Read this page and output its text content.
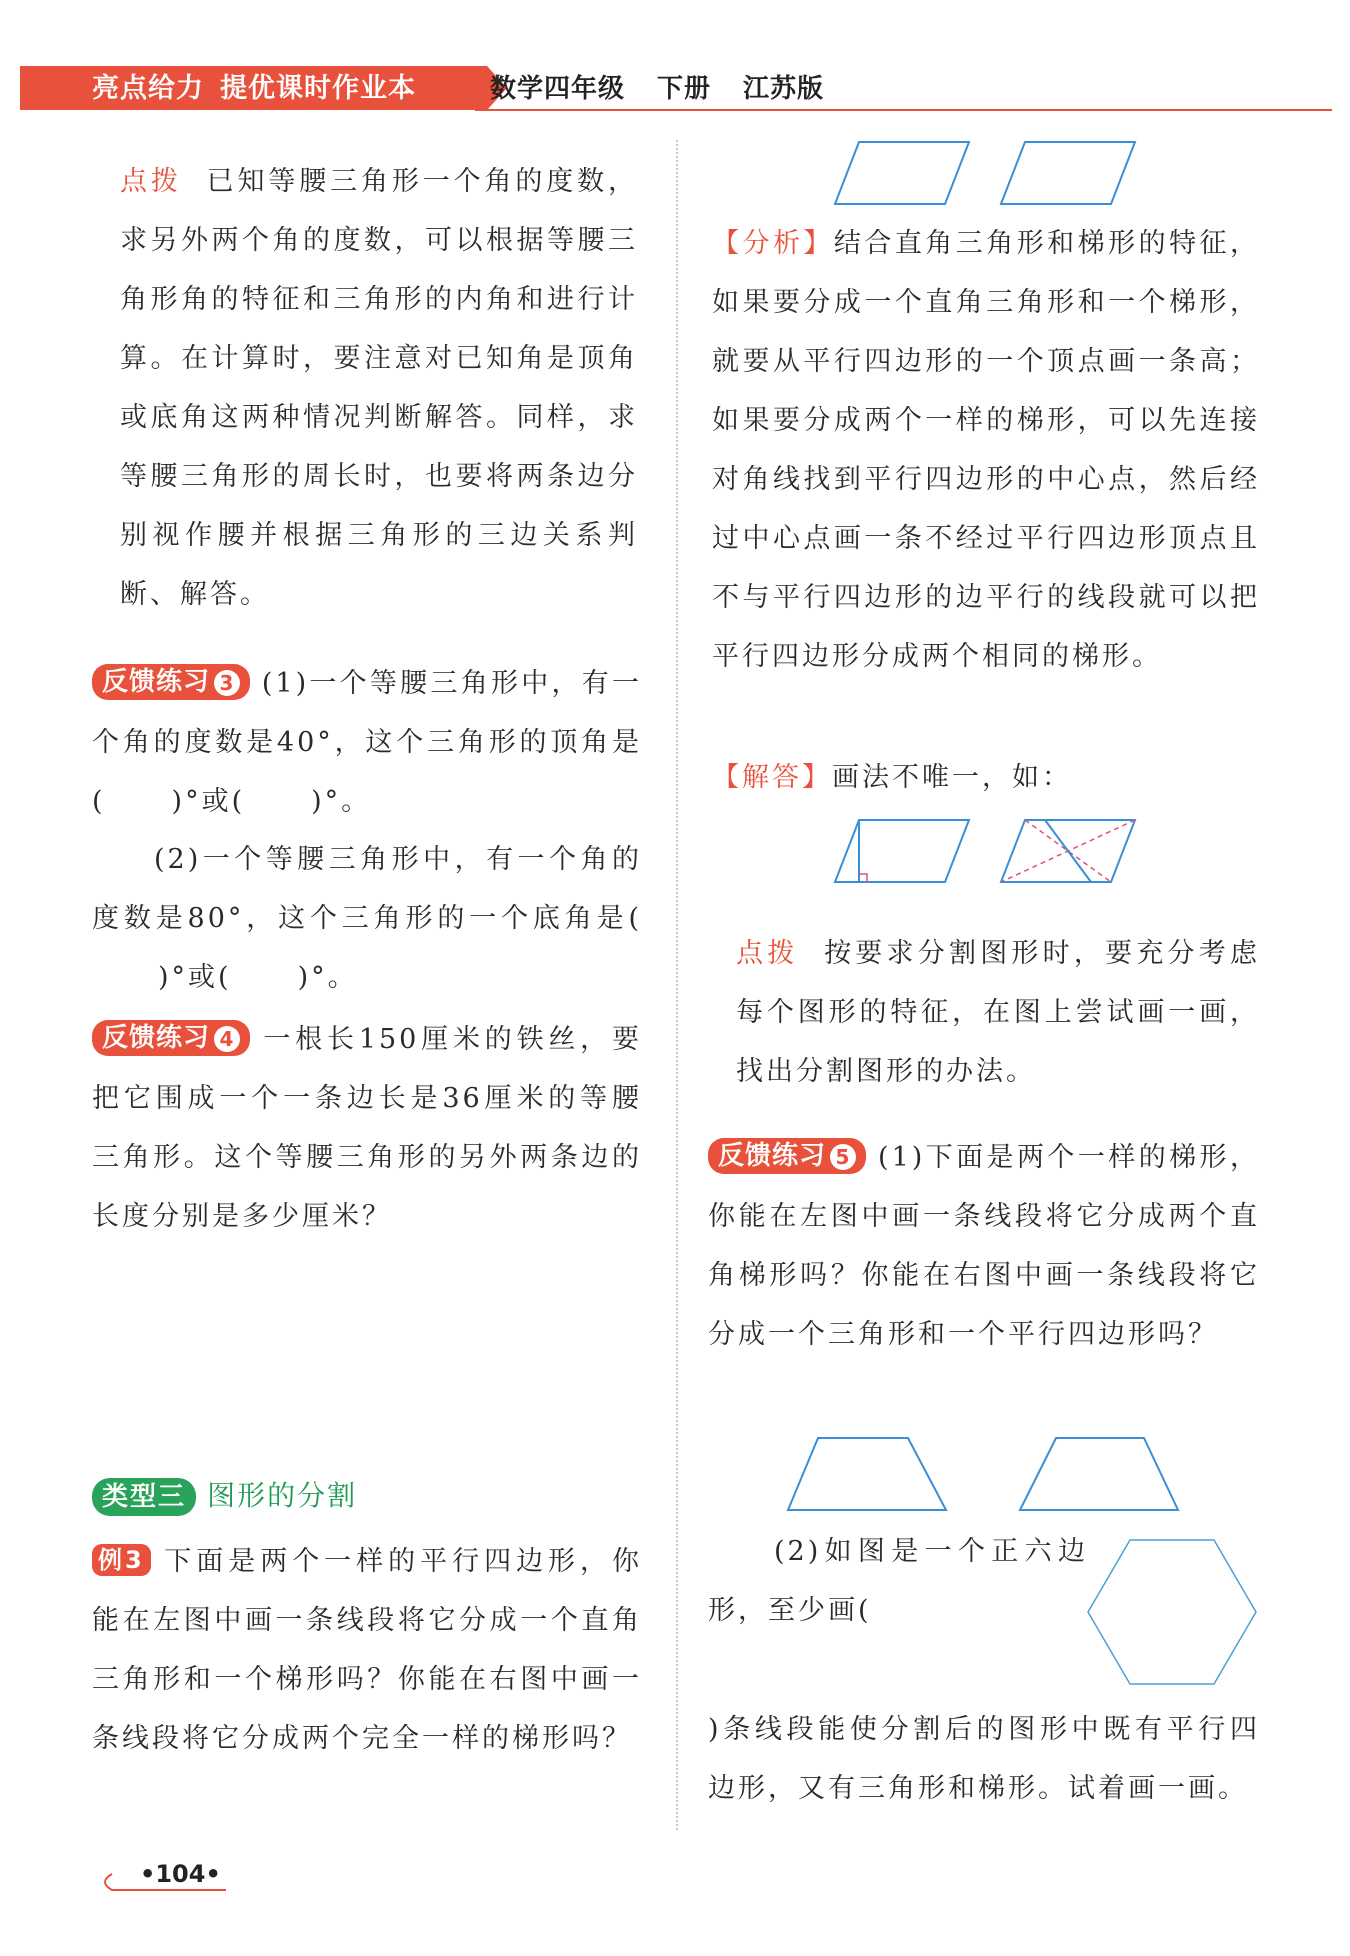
亮点给力 提优课时作业本	数学四年级 下册 江苏版

点拨 已知等腰三角形一个角的度数，求另外两个角的度数，可以根据等腰三角形角的特征和三角形的内角和进行计算。在计算时，要注意对已知角是顶角或底角这两种情况判断解答。同样，求等腰三角形的周长时，也要将两条边分别视作腰并根据三角形的三边关系判断、解答。

反馈练习 3 (1)一个等腰三角形中，有一个角的度数是40°，这个三角形的顶角是( )°或( )°。

(2)一个等腰三角形中，有一个角的度数是80°，这个三角形的一个底角是()°或( )°。

反馈练习 4 一根长150厘米的铁丝，要把它围成一个一条边长是36厘米的等腰三角形。这个等腰三角形的另外两条边的长度分别是多少厘米？

类型三 图形的分割

例3 下面是两个一样的平行四边形，你能在左图中画一条线段将它分成一个直角三角形和一个梯形吗？你能在右图中画一条线段将它分成两个完全一样的梯形吗？

【分析】结合直角三角形和梯形的特征，如果要分成一个直角三角形和一个梯形，就要从平行四边形的一个顶点画一条高；如果要分成两个一样的梯形，可以先连接对角线找到平行四边形的中心点，然后经过中心点画一条不经过平行四边形顶点且不与平行四边形的边平行的线段就可以把平行四边形分成两个相同的梯形。

【解答】画法不唯一，如：

点拨 按要求分割图形时，要充分考虑每个图形的特征，在图上尝试画一画，找出分割图形的办法。

反馈练习 5 (1)下面是两个一样的梯形，你能在左图中画一条线段将它分成两个直角梯形吗？你能在右图中画一条线段将它分成一个三角形和一个平行四边形吗？

(2)如图是一个正六边形，至少画(

)条线段能使分割后的图形中既有平行四边形，又有三角形和梯形。试着画一画。

•104•
